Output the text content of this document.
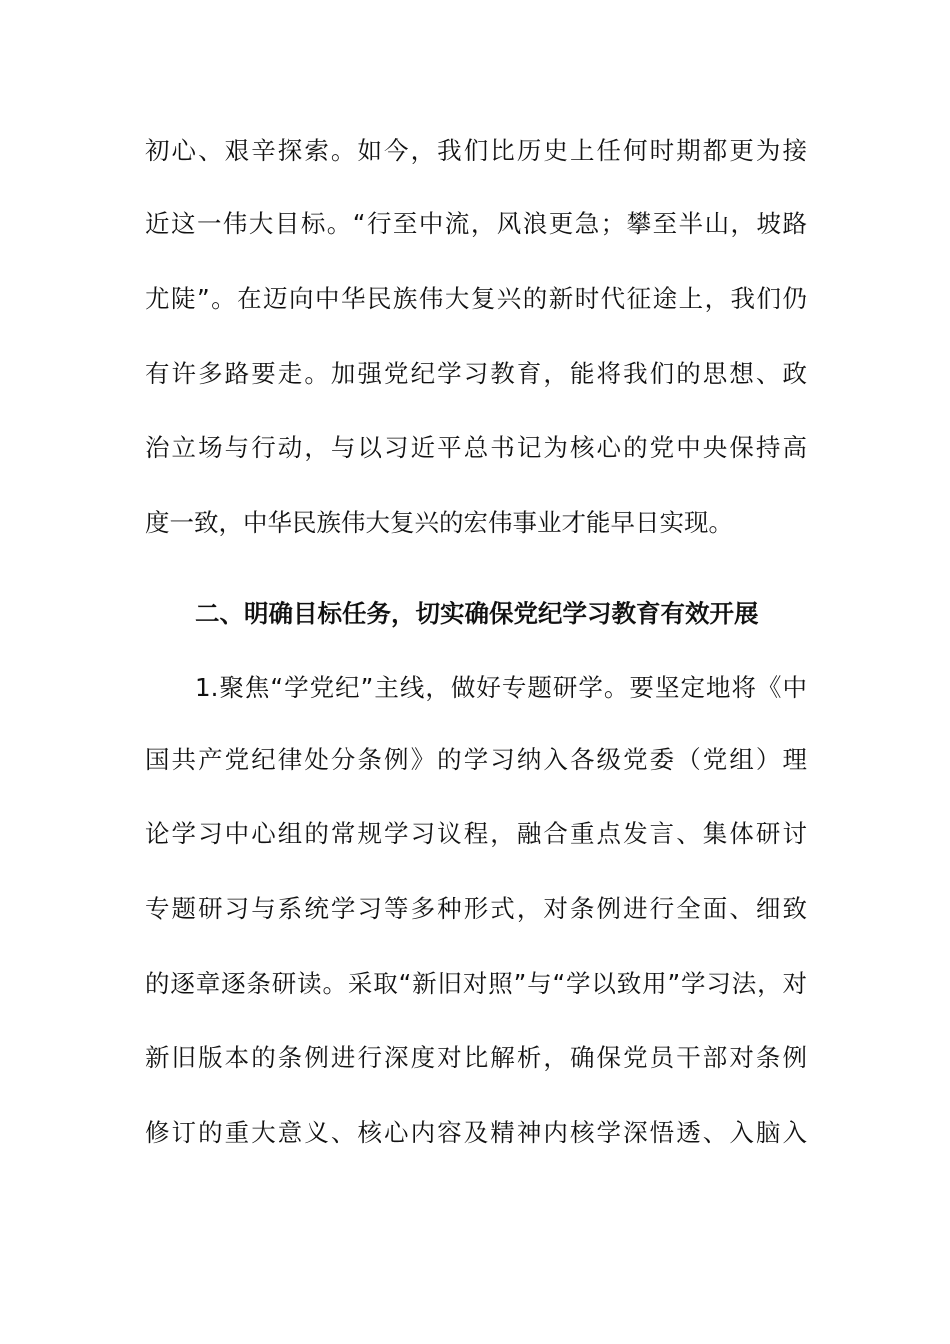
初心、艰辛探索。如今，我们比历史上任何时期都更为接
近这一伟大目标。“行至中流，风浪更急；攀至半山，坡路
尤陡”。在迈向中华民族伟大复兴的新时代征途上，我们仍
有许多路要走。加强党纪学习教育，能将我们的思想、政
治立场与行动，与以习近平总书记为核心的党中央保持高
度一致，中华民族伟大复兴的宏伟事业才能早日实现。
二、明确目标任务，切实确保党纪学习教育有效开展
1.聚焦“学党纪”主线，做好专题研学。要坚定地将《中
国共产党纪律处分条例》的学习纳入各级党委（党组）理
论学习中心组的常规学习议程，融合重点发言、集体研讨
专题研习与系统学习等多种形式，对条例进行全面、细致
的逐章逐条研读。采取“新旧对照”与“学以致用”学习法，对
新旧版本的条例进行深度对比解析，确保党员干部对条例
修订的重大意义、核心内容及精神内核学深悟透、入脑入
